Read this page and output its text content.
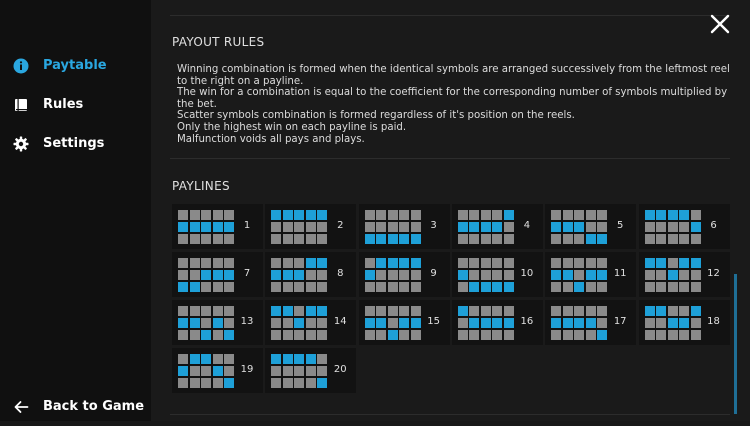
Paytable
Rules
Settings
Back to Game
PAYOUT RULES
Winning combination is formed when the identical symbols are arranged successively from the leftmost reel to the right on a payline.
The win for a combination is equal to the coefficient for the corresponding number of symbols multiplied by the bet.
Scatter symbols combination is formed regardless of it's position on the reels.
Only the highest win on each payline is paid.
Malfunction voids all pays and plays.
PAYLINES
1	2	3	4	5	6
7	8	9	10	11	12
13	14	15	16	17	18
19	20
